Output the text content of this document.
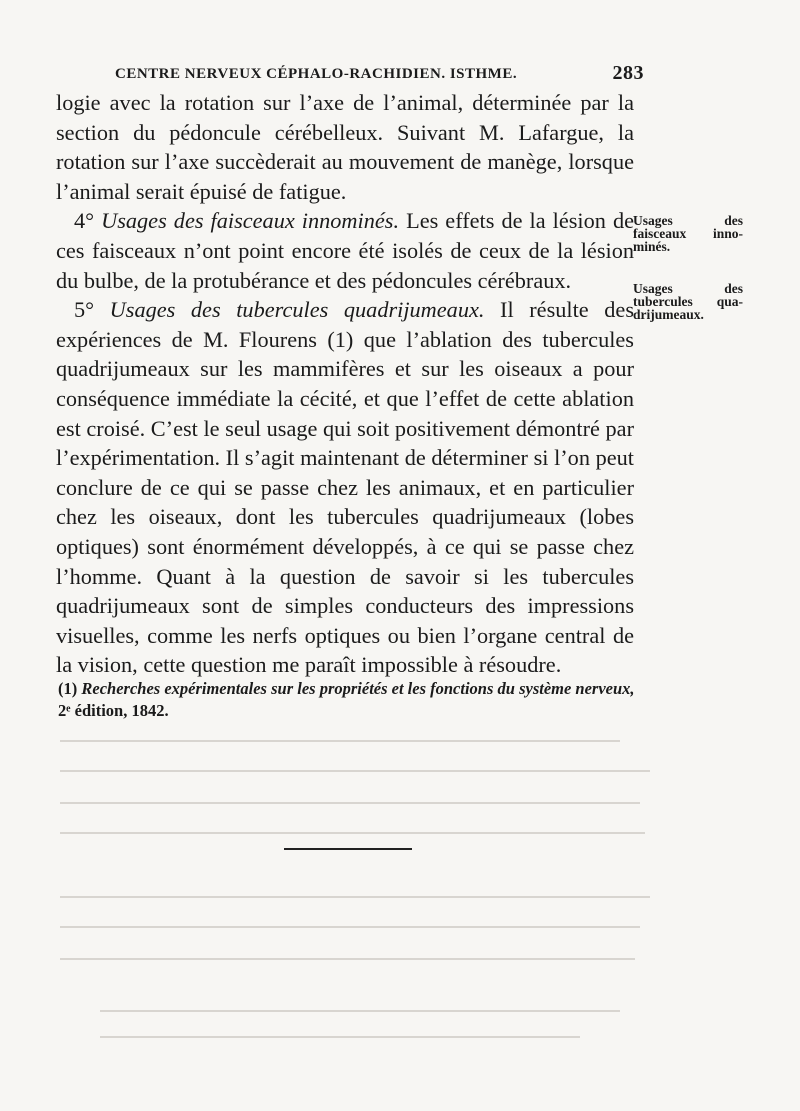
CENTRE NERVEUX CÉPHALO-RACHIDIEN. ISTHME.	283

logie avec la rotation sur l’axe de l’animal, déterminée par la section du pédoncule cérébelleux. Suivant M. Lafargue, la rotation sur l’axe succèderait au mouvement de manège, lorsque l’animal serait épuisé de fatigue.

4° Usages des faisceaux innominés. Les effets de la lésion de ces faisceaux n’ont point encore été isolés de ceux de la lésion du bulbe, de la protubérance et des pédoncules cérébraux.

5° Usages des tubercules quadrijumeaux. Il résulte des expériences de M. Flourens (1) que l’ablation des tubercules quadrijumeaux sur les mammifères et sur les oiseaux a pour conséquence immédiate la cécité, et que l’effet de cette ablation est croisé. C’est le seul usage qui soit positivement démontré par l’expérimentation. Il s’agit maintenant de déterminer si l’on peut conclure de ce qui se passe chez les animaux, et en particulier chez les oiseaux, dont les tubercules quadrijumeaux (lobes optiques) sont énormément développés, à ce qui se passe chez l’homme. Quant à la question de savoir si les tubercules quadrijumeaux sont de simples conducteurs des impressions visuelles, comme les nerfs optiques ou bien l’organe central de la vision, cette question me paraît impossible à résoudre.

Usages des
faisceaux inno-
minés.
Usages des
tubercules qua-
drijumeaux.
(1) Recherches expérimentales sur les propriétés et les fonctions du système nerveux, 2ᵉ édition, 1842.
